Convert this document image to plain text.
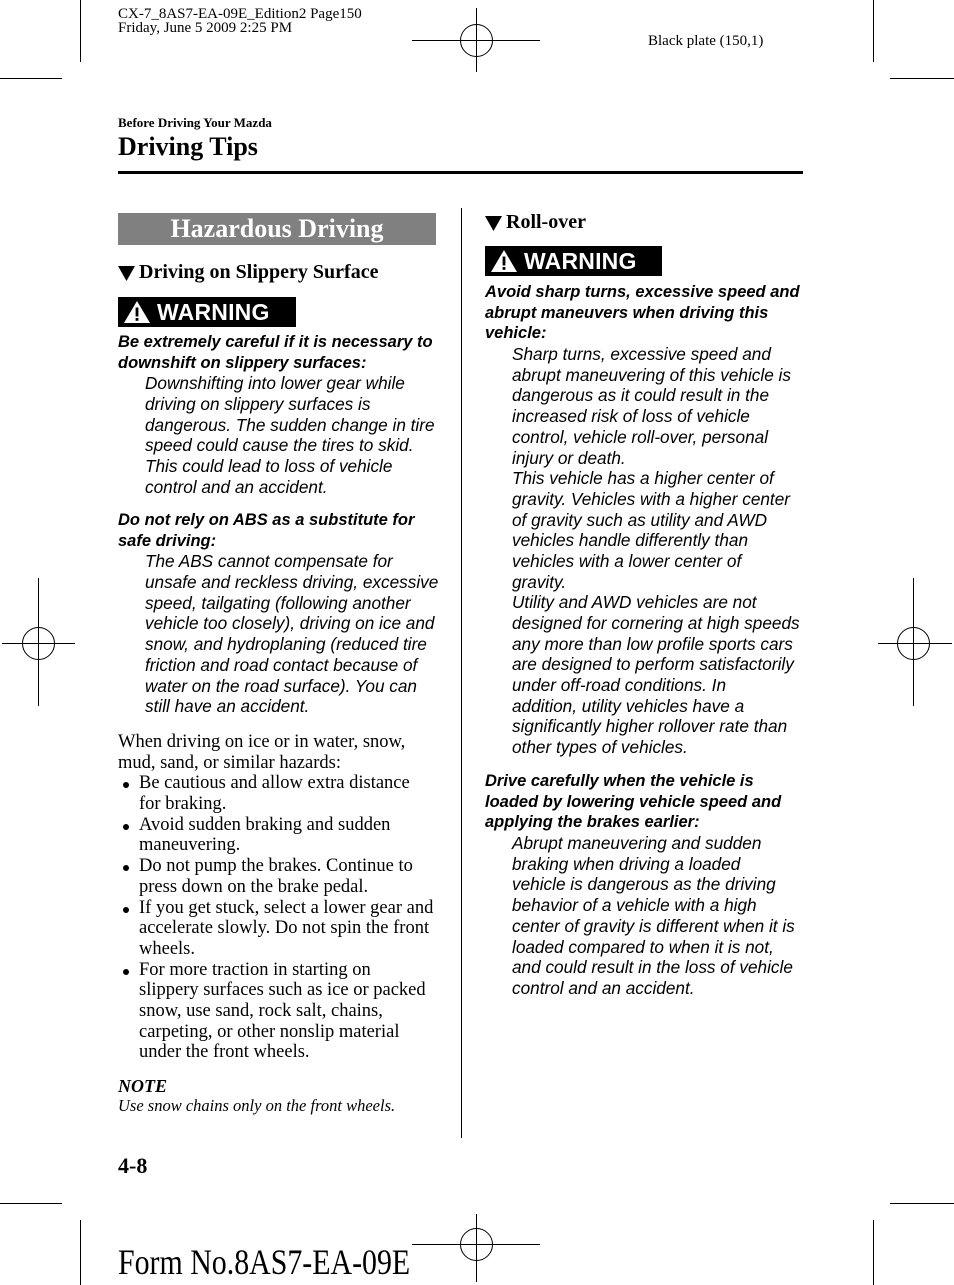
CX-7_8AS7-EA-09E_Edition2 Page150
Friday, June 5 2009 2:25 PM
Black plate (150,1)
Before Driving Your Mazda
Driving Tips
Hazardous Driving
Driving on Slippery Surface
WARNING
Be extremely careful if it is necessary to
downshift on slippery surfaces:
Downshifting into lower gear while
driving on slippery surfaces is
dangerous. The sudden change in tire
speed could cause the tires to skid.
This could lead to loss of vehicle
control and an accident.
Do not rely on ABS as a substitute for
safe driving:
The ABS cannot compensate for
unsafe and reckless driving, excessive
speed, tailgating (following another
vehicle too closely), driving on ice and
snow, and hydroplaning (reduced tire
friction and road contact because of
water on the road surface). You can
still have an accident.
When driving on ice or in water, snow,
mud, sand, or similar hazards:
Be cautious and allow extra distance
for braking.
Avoid sudden braking and sudden
maneuvering.
Do not pump the brakes. Continue to
press down on the brake pedal.
If you get stuck, select a lower gear and
accelerate slowly. Do not spin the front
wheels.
For more traction in starting on
slippery surfaces such as ice or packed
snow, use sand, rock salt, chains,
carpeting, or other nonslip material
under the front wheels.
NOTE
Use snow chains only on the front wheels.
Roll-over
WARNING
Avoid sharp turns, excessive speed and
abrupt maneuvers when driving this
vehicle:
Sharp turns, excessive speed and
abrupt maneuvering of this vehicle is
dangerous as it could result in the
increased risk of loss of vehicle
control, vehicle roll-over, personal
injury or death.
This vehicle has a higher center of
gravity. Vehicles with a higher center
of gravity such as utility and AWD
vehicles handle differently than
vehicles with a lower center of
gravity.
Utility and AWD vehicles are not
designed for cornering at high speeds
any more than low profile sports cars
are designed to perform satisfactorily
under off-road conditions. In
addition, utility vehicles have a
significantly higher rollover rate than
other types of vehicles.
Drive carefully when the vehicle is
loaded by lowering vehicle speed and
applying the brakes earlier:
Abrupt maneuvering and sudden
braking when driving a loaded
vehicle is dangerous as the driving
behavior of a vehicle with a high
center of gravity is different when it is
loaded compared to when it is not,
and could result in the loss of vehicle
control and an accident.
4-8
Form No.8AS7-EA-09E
